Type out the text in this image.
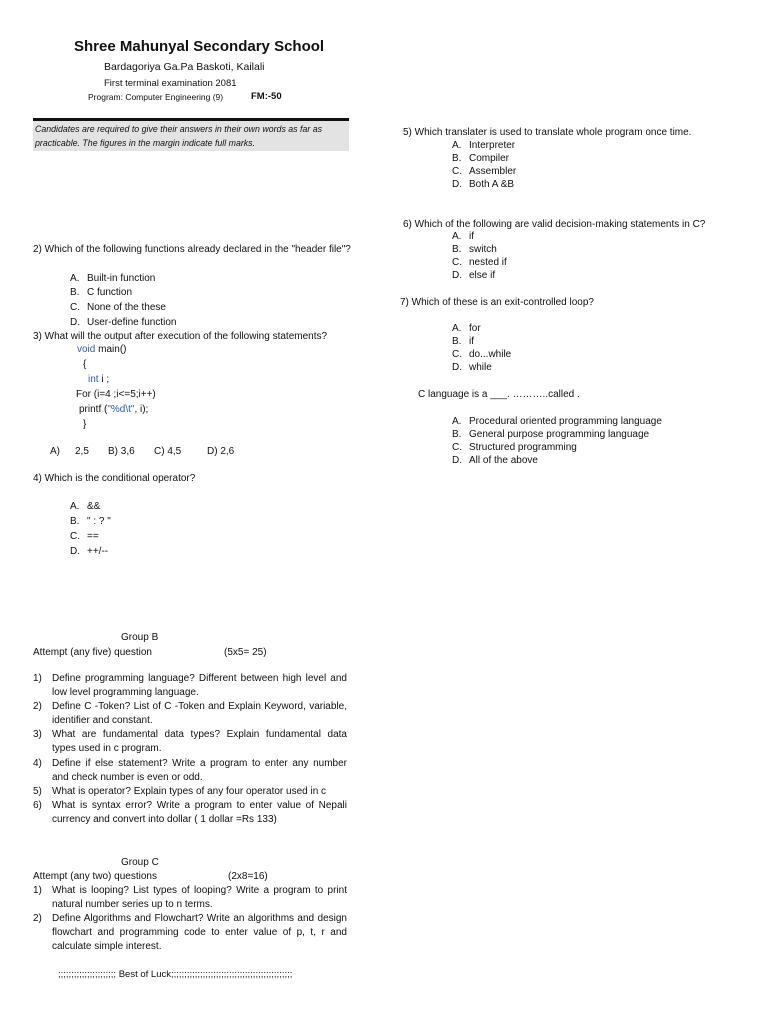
Shree Mahunyal Secondary School
Bardagoriya Ga.Pa Baskoti, Kailali
First terminal examination 2081
Program: Computer Engineering (9)	FM:-50
Candidates are required to give their answers in their own words as far as practicable. The figures in the margin indicate full marks.
2) Which of the following functions already declared in the "header file"?
A. Built-in function
B. C function
C. None of the these
D. User-define function
3) What will the output after execution of the following statements?
void main()
{
int i ;
For (i=4 ;i<=5;i++)
printf ("%d\t", i);
}
A) 2,5 B) 3,6 C) 4,5	D) 2,6
4) Which is the conditional operator?
A. &&
B. " : ? "
C. ==
D. ++/--
5) Which translater is used to translate whole program once time.
A. Interpreter
B. Compiler
C. Assembler
D. Both A &B
6) Which of the following are valid decision-making statements in C?
A. if
B. switch
C. nested if
D. else if
7) Which of these is an exit-controlled loop?
A. for
B. if
C. do...while
D. while
C language is a ___. ………..called .
A. Procedural oriented programming language
B. General purpose programming language
C. Structured programming
D. All of the above
Group B
Attempt (any five) question	(5x5= 25)
1) Define programming language? Different between high level and low level programming language.
2) Define C -Token? List of C -Token and Explain Keyword, variable, identifier and constant.
3) What are fundamental data types? Explain fundamental data types used in c program.
4) Define if else statement? Write a program to enter any number and check number is even or odd.
5) What is operator? Explain types of any four operator used in c
6) What is syntax error? Write a program to enter value of Nepali currency and convert into dollar ( 1 dollar =Rs 133)
Group C
Attempt (any two) questions	(2x8=16)
1) What is looping? List types of looping? Write a program to print natural number series up to n terms.
2) Define Algorithms and Flowchart? Write an algorithms and design flowchart and programming code to enter value of p, t, r and calculate simple interest.
;;;;;;;;;;;;;;;;;;;;;; Best of Luck;;;;;;;;;;;;;;;;;;;;;;;;;;;;;;;;;;;;;;;;;;;;;;
